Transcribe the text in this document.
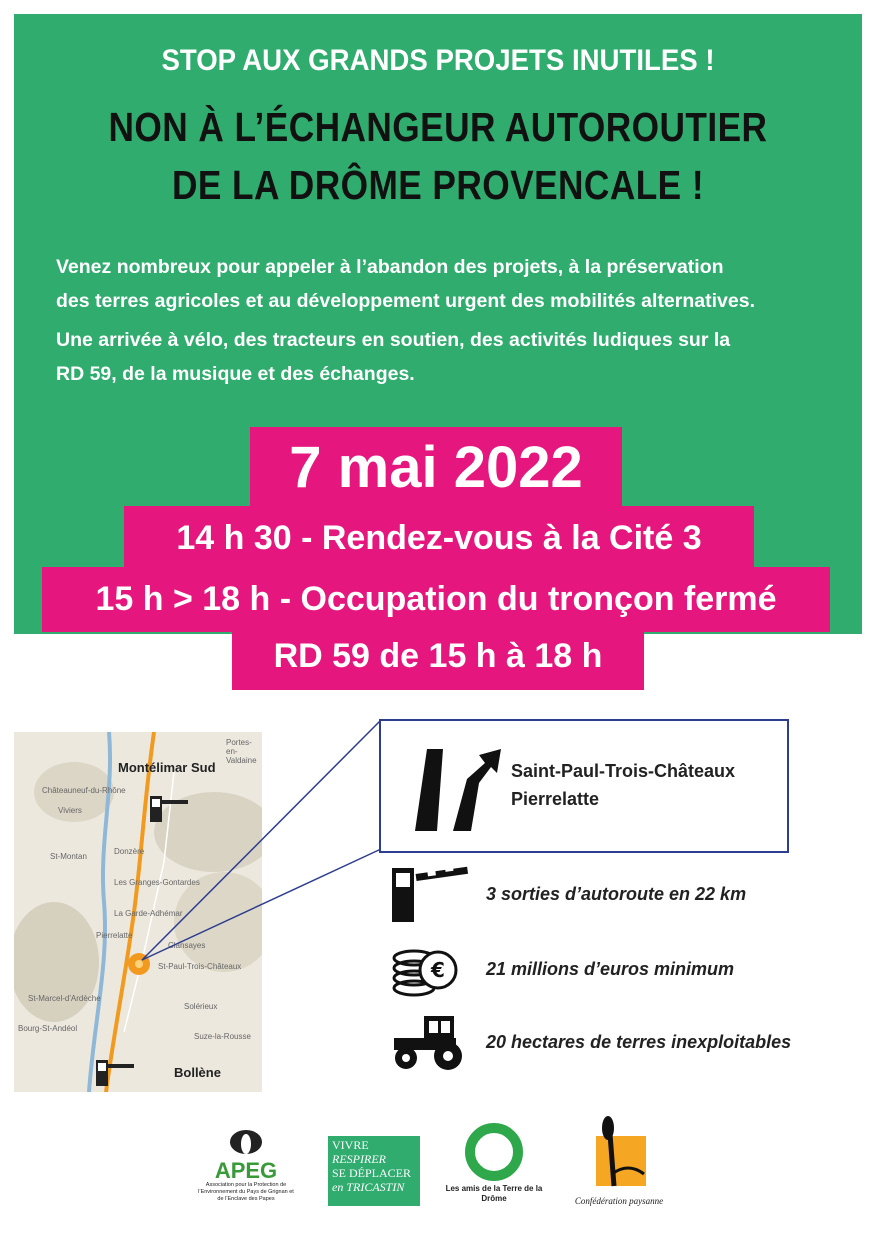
STOP AUX GRANDS PROJETS INUTILES !
NON À L’ÉCHANGEUR AUTOROUTIER
DE LA DRÔME PROVENCALE !
Venez nombreux pour appeler à l’abandon des projets, à la préservation
des terres agricoles et au développement urgent des mobilités alternatives.
Une arrivée à vélo, des tracteurs en soutien, des activités ludiques sur la
RD 59, de la musique et des échanges.
7 mai 2022
14 h 30 - Rendez-vous à la Cité 3
15 h > 18 h - Occupation du tronçon fermé
RD 59 de 15 h à 18 h
Montélimar Sud
Bollène
Portes-en-Valdaine
Châteauneuf-du-Rhône
Viviers
Donzère
St-Montan
Les Granges-Gontardes
La Garde-Adhémar
Pierrelatte
Clansayes
St-Paul-Trois-Châteaux
St-Marcel-d'Ardèche
Bourg-St-Andéol
Solérieux
Suze-la-Rousse
Saint-Paul-Trois-Châteaux
Pierrelatte
3 sorties d’autoroute en 22 km
€ 21 millions d’euros minimum
20 hectares de terres inexploitables
APEG
Association pour la Protection de l’Environnement du Pays de Grignan et de l’Enclave des Papes
VIVRE
RESPIRER
SE DÉPLACER
en TRICASTIN	Les amis de la Terre de la Drôme	Confédération paysanne
